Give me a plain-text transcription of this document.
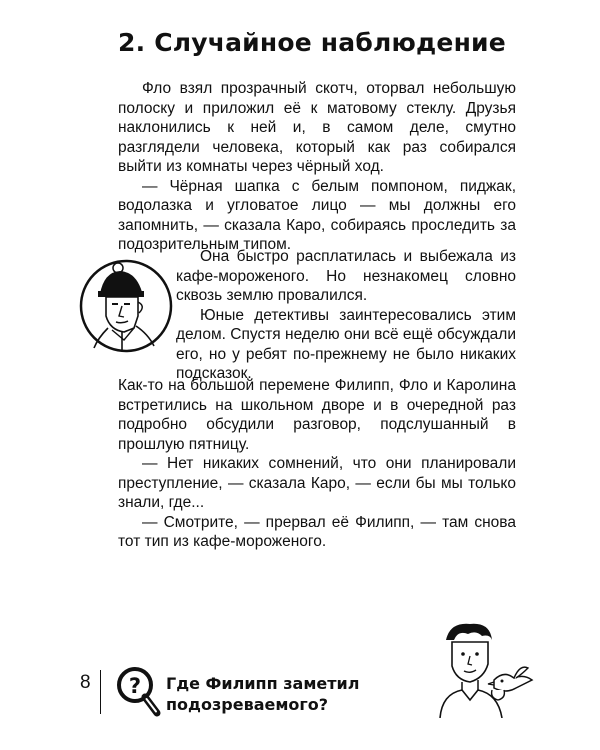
2. Случайное наблюдение

Фло взял прозрачный скотч, оторвал небольшую полоску и приложил её к матовому стеклу. Друзья наклонились к ней и, в самом деле, смутно разглядели человека, который как раз собирался выйти из комнаты через чёрный ход.

— Чёрная шапка с белым помпоном, пиджак, водолазка и угловатое лицо — мы должны его запомнить, — сказала Каро, собираясь проследить за подозрительным типом.

Она быстро расплатилась и выбежала из кафе-мороженого. Но незнакомец словно сквозь землю провалился.

Юные детективы заинтересовались этим делом. Спустя неделю они всё ещё обсуждали его, но у ребят по-прежнему не было никаких подсказок.

Как-то на большой перемене Филипп, Фло и Каролина встретились на школьном дворе и в очередной раз подробно обсудили разговор, подслушанный в прошлую пятницу.

— Нет никаких сомнений, что они планировали преступление, — сказала Каро, — если бы мы только знали, где...

— Смотрите, — прервал её Филипп, — там снова тот тип из кафе-мороженого.

8 ? Где Филипп заметил
подозреваемого?
